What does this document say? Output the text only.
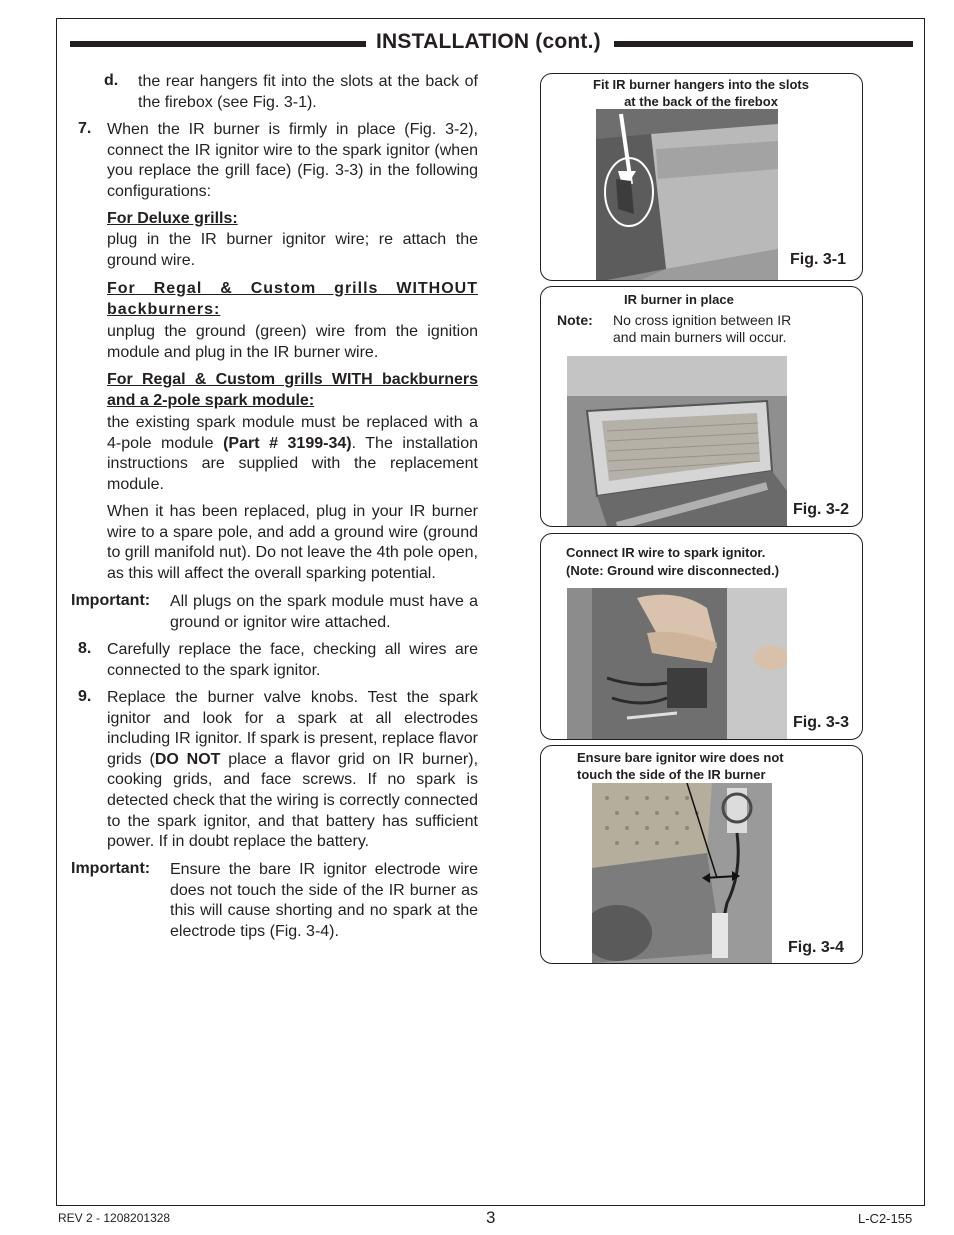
INSTALLATION (cont.)
d. the rear hangers fit into the slots at the back of the firebox (see Fig. 3-1).
7. When the IR burner is firmly in place (Fig. 3-2), connect the IR ignitor wire to the spark ignitor (when you replace the grill face) (Fig. 3-3) in the following configurations:
For Deluxe grills:
plug in the IR burner ignitor wire; re attach the ground wire.
For Regal & Custom grills WITHOUT backburners:
unplug the ground (green) wire from the ignition module and plug in the IR burner wire.
For Regal & Custom grills WITH backburners and a 2-pole spark module:
the existing spark module must be replaced with a 4-pole module (Part # 3199-34). The installation instructions are supplied with the replacement module.
When it has been replaced, plug in your IR burner wire to a spare pole, and add a ground wire (ground to grill manifold nut). Do not leave the 4th pole open, as this will affect the overall sparking potential.
Important: All plugs on the spark module must have a ground or ignitor wire attached.
8. Carefully replace the face, checking all wires are connected to the spark ignitor.
9. Replace the burner valve knobs. Test the spark ignitor and look for a spark at all electrodes including IR ignitor. If spark is present, replace flavor grids (DO NOT place a flavor grid on IR burner), cooking grids, and face screws. If no spark is detected check that the wiring is correctly connected to the spark ignitor, and that battery has sufficient power. If in doubt replace the battery.
Important: Ensure the bare IR ignitor electrode wire does not touch the side of the IR burner as this will cause shorting and no spark at the electrode tips (Fig. 3-4).
Fit IR burner hangers into the slots
at the back of the firebox
Fig. 3-1
IR burner in place
Note: No cross ignition between IR
and main burners will occur.
Fig. 3-2
Connect IR wire to spark ignitor.
(Note: Ground wire disconnected.)
Fig. 3-3
Ensure bare ignitor wire does not
touch the side of the IR burner
Fig. 3-4
REV 2 - 1208201328	3	L-C2-155
